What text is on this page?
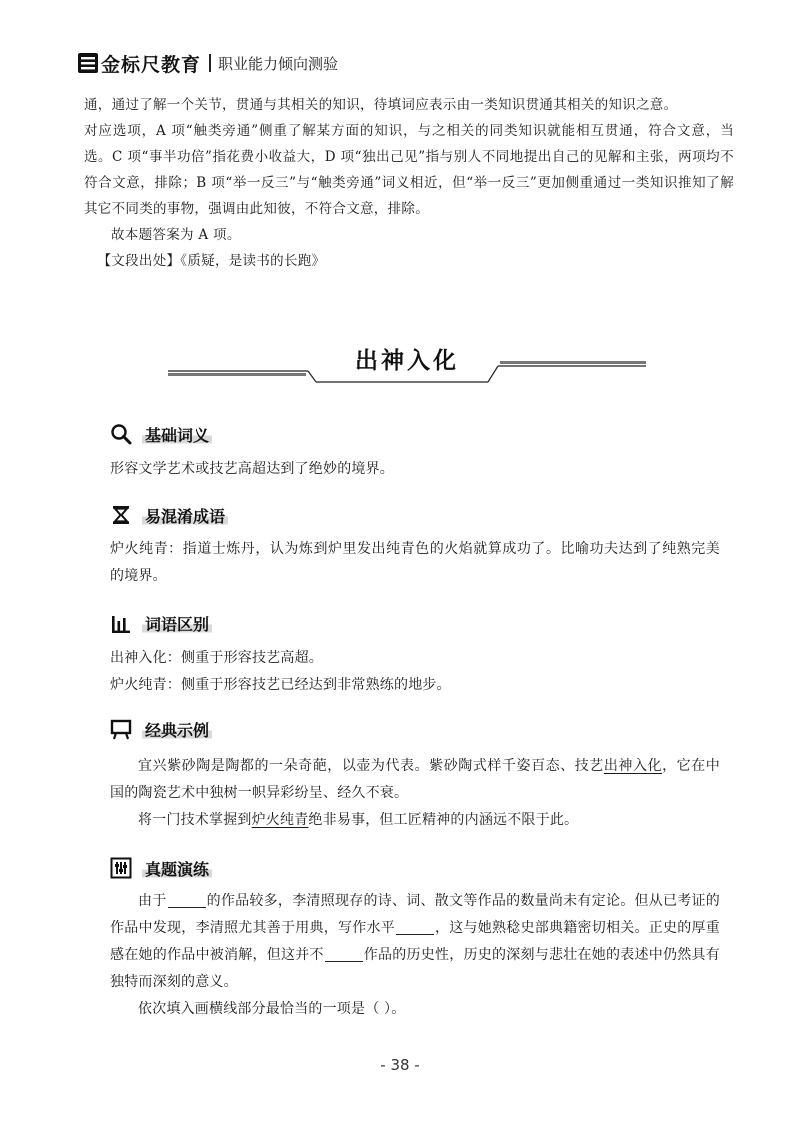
金标尺教育 职业能力倾向测验

通，通过了解一个关节，贯通与其相关的知识，待填词应表示由一类知识贯通其相关的知识之意。

对应选项，A 项“触类旁通”侧重了解某方面的知识，与之相关的同类知识就能相互贯通，符合文意，当选。C 项“事半功倍”指花费小收益大，D 项“独出己见”指与别人不同地提出自己的见解和主张，两项均不符合文意，排除；B 项“举一反三”与“触类旁通”词义相近，但“举一反三”更加侧重通过一类知识推知了解其它不同类的事物，强调由此知彼，不符合文意，排除。

故本题答案为 A 项。

【文段出处】《质疑，是读书的长跑》

出神入化
基础词义

形容文学艺术或技艺高超达到了绝妙的境界。

易混淆成语

炉火纯青：指道士炼丹，认为炼到炉里发出纯青色的火焰就算成功了。比喻功夫达到了纯熟完美的境界。

词语区别

出神入化：侧重于形容技艺高超。

炉火纯青：侧重于形容技艺已经达到非常熟练的地步。

经典示例

宜兴紫砂陶是陶都的一朵奇葩，以壶为代表。紫砂陶式样千姿百态、技艺出神入化，它在中国的陶瓷艺术中独树一帜异彩纷呈、经久不衰。

将一门技术掌握到炉火纯青绝非易事，但工匠精神的内涵远不限于此。

真题演练

由于	的作品较多，李清照现存的诗、词、散文等作品的数量尚未有定论。但从已考证的作品中发现，李清照尤其善于用典，写作水平	，这与她熟稔史部典籍密切相关。正史的厚重感在她的作品中被消解，但这并不	作品的历史性，历史的深刻与悲壮在她的表述中仍然具有独特而深刻的意义。

依次填入画横线部分最恰当的一项是（ ）。

- 38 -
